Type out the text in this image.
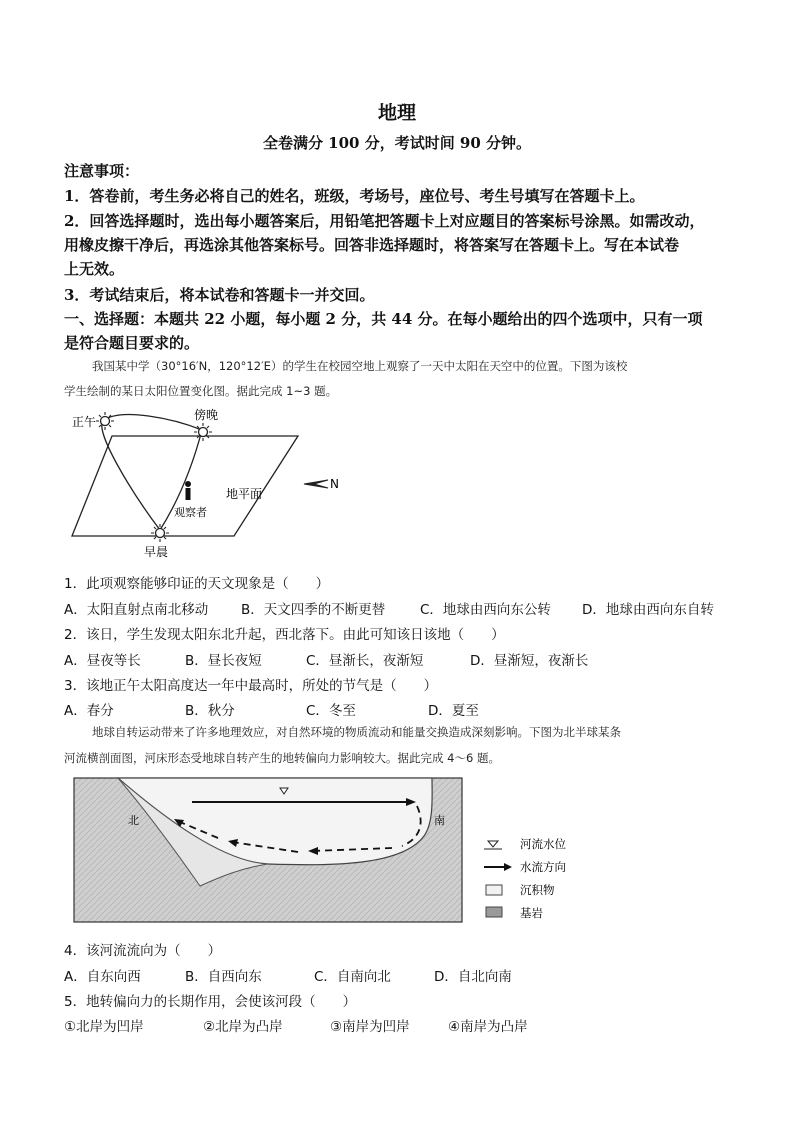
地理
全卷满分 100 分，考试时间 90 分钟。
注意事项：
1．答卷前，考生务必将自己的姓名，班级，考场号，座位号、考生号填写在答题卡上。
2．回答选择题时，选出每小题答案后，用铅笔把答题卡上对应题目的答案标号涂黑。如需改动，
用橡皮擦干净后，再选涂其他答案标号。回答非选择题时，将答案写在答题卡上。写在本试卷
上无效。
3．考试结束后，将本试卷和答题卡一并交回。
一、选择题：本题共 22 小题，每小题 2 分，共 44 分。在每小题给出的四个选项中，只有一项
是符合题目要求的。
我国某中学（30°16′N，120°12′E）的学生在校园空地上观察了一天中太阳在天空中的位置。下图为该校
学生绘制的某日太阳位置变化图。据此完成 1~3 题。
正午	傍晚
早晨
观察者
地平面
N
1．此项观察能够印证的天文现象是（　　）
A．太阳直射点南北移动 B．天文四季的不断更替	C．地球由西向东公转 D．地球由西向东自转
2．该日，学生发现太阳东北升起，西北落下。由此可知该日该地（　　）
A．昼夜等长	B．昼长夜短	C．昼渐长，夜渐短	D．昼渐短，夜渐长
3．该地正午太阳高度达一年中最高时，所处的节气是（　　）
A．春分	B．秋分	C．冬至	D．夏至
地球自转运动带来了许多地理效应，对自然环境的物质流动和能量交换造成深刻影响。下图为北半球某条
河流横剖面图，河床形态受地球自转产生的地转偏向力影响较大。据此完成 4～6 题。
北	南
河流水位
水流方向
沉积物
基岩
4．该河流流向为（　　）
A．自东向西	B．自西向东	C．自南向北	D．自北向南
5．地转偏向力的长期作用，会使该河段（　　）
①北岸为凹岸	②北岸为凸岸	③南岸为凹岸	④南岸为凸岸
